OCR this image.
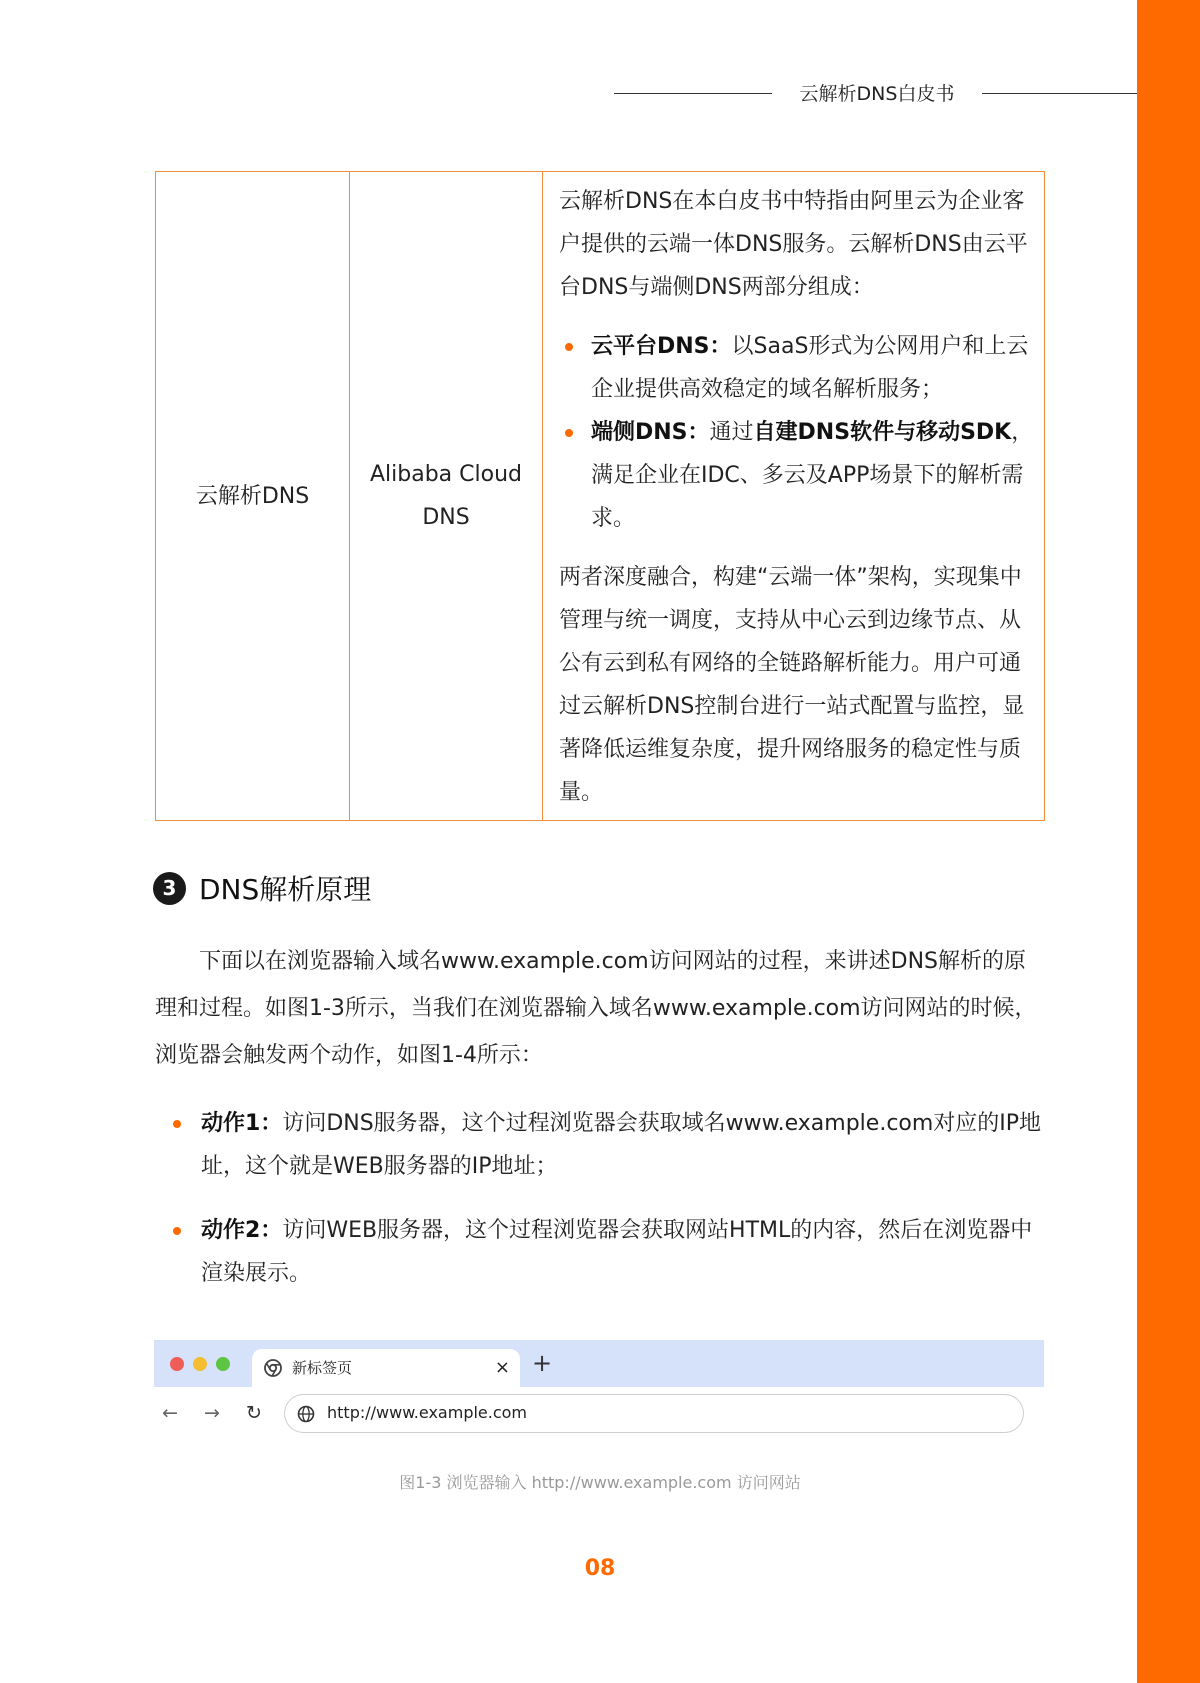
云解析DNS白皮书
云解析DNS	Alibaba Cloud
DNS	

云解析DNS在本白皮书中特指由阿里云为企业客户提供的云端一体DNS服务。云解析DNS由云平台DNS与端侧DNS两部分组成：

云平台DNS：以SaaS形式为公网用户和上云企业提供高效稳定的域名解析服务；
端侧DNS：通过自建DNS软件与移动SDK，满足企业在IDC、多云及APP场景下的解析需求。

两者深度融合，构建“云端一体”架构，实现集中管理与统一调度，支持从中心云到边缘节点、从公有云到私有网络的全链路解析能力。用户可通过云解析DNS控制台进行一站式配置与监控，显著降低运维复杂度，提升网络服务的稳定性与质量。

3 DNS解析原理

下面以在浏览器输入域名www.example.com访问网站的过程，来讲述DNS解析的原理和过程。如图1-3所示，当我们在浏览器输入域名www.example.com访问网站的时候，浏览器会触发两个动作，如图1-4所示：

动作1：访问DNS服务器，这个过程浏览器会获取域名www.example.com对应的IP地址，这个就是WEB服务器的IP地址；
动作2：访问WEB服务器，这个过程浏览器会获取网站HTML的内容，然后在浏览器中渲染展示。
新标签页	× +
← → ↻	http://www.example.com
图1-3 浏览器输入 http://www.example.com 访问网站
08
